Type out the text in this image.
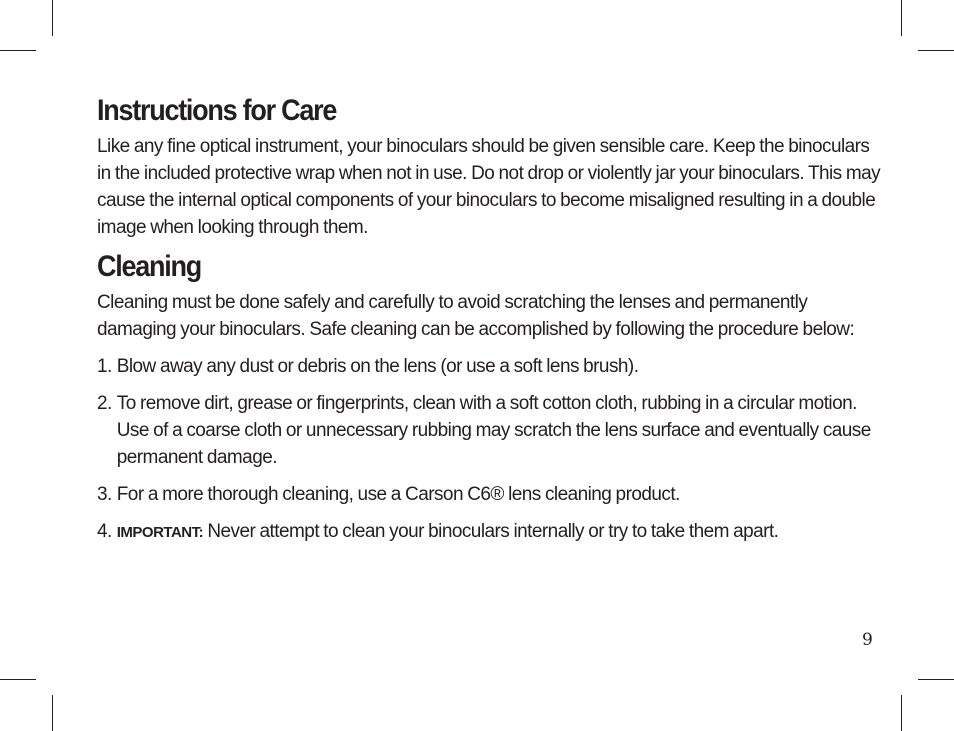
Instructions for Care

Like any fine optical instrument, your binoculars should be given sensible care. Keep the binoculars in the included protective wrap when not in use. Do not drop or violently jar your binoculars. This may cause the internal optical components of your binoculars to become misaligned resulting in a double image when looking through them.

Cleaning

Cleaning must be done safely and carefully to avoid scratching the lenses and permanently damaging your binoculars. Safe cleaning can be accomplished by following the procedure below:

1. Blow away any dust or debris on the lens (or use a soft lens brush).
2. To remove dirt, grease or fingerprints, clean with a soft cotton cloth, rubbing in a circular motion. Use of a coarse cloth or unnecessary rubbing may scratch the lens surface and eventually cause permanent damage.
3. For a more thorough cleaning, use a Carson C6® lens cleaning product.
4. IMPORTANT: Never attempt to clean your binoculars internally or try to take them apart.
9
